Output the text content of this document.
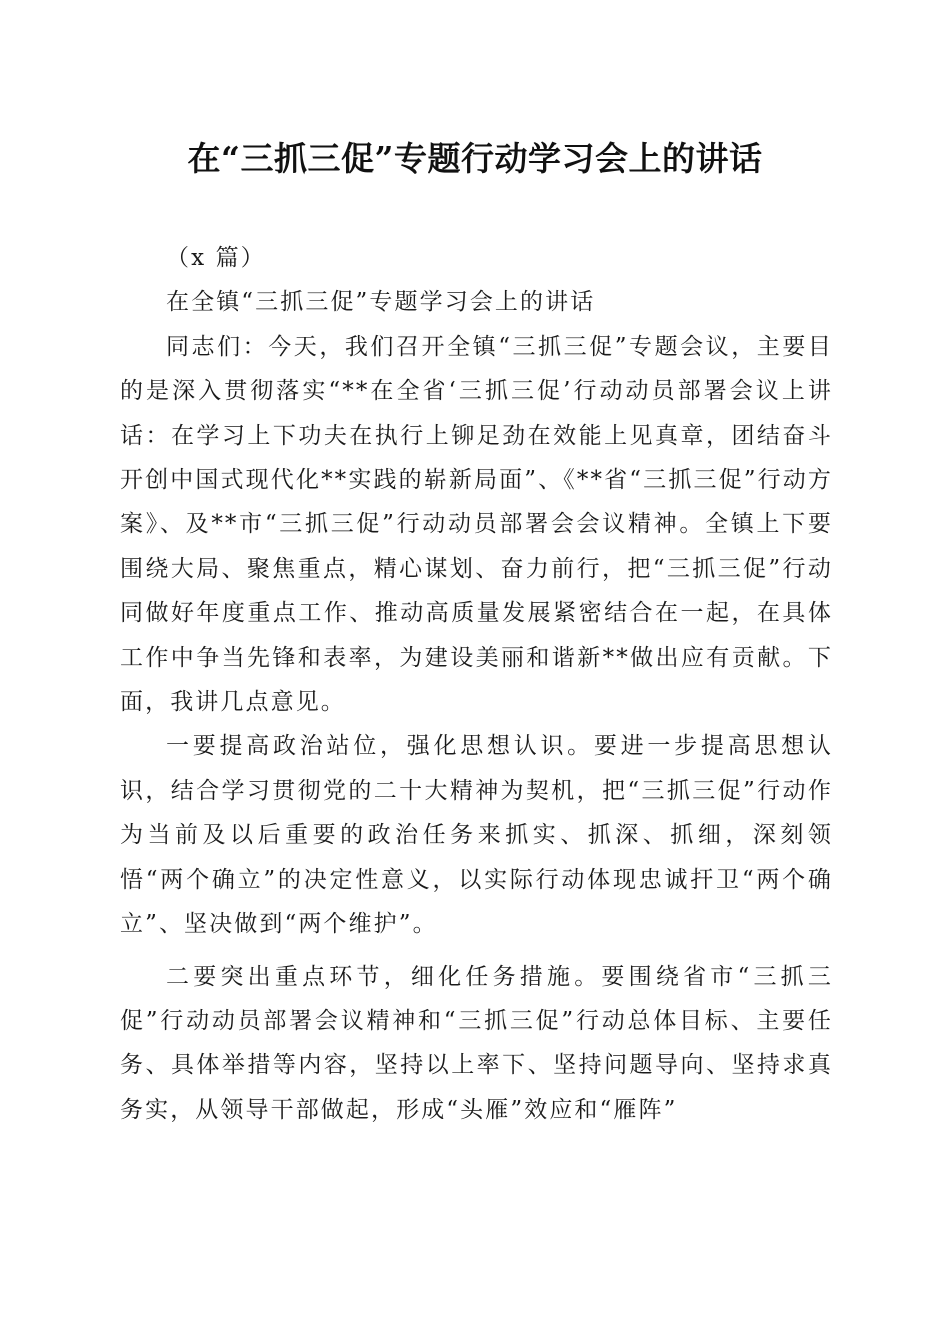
在“三抓三促”专题行动学习会上的讲话

（x 篇）

在全镇“三抓三促”专题学习会上的讲话

同志们：今天，我们召开全镇“三抓三促”专题会议，主要目的是深入贯彻落实“**在全省‘三抓三促’行动动员部署会议上讲话：在学习上下功夫在执行上铆足劲在效能上见真章，团结奋斗开创中国式现代化**实践的崭新局面”、《**省“三抓三促”行动方案》、及**市“三抓三促”行动动员部署会会议精神。全镇上下要围绕大局、聚焦重点，精心谋划、奋力前行，把“三抓三促”行动同做好年度重点工作、推动高质量发展紧密结合在一起，在具体工作中争当先锋和表率，为建设美丽和谐新**做出应有贡献。下面，我讲几点意见。

一要提高政治站位，强化思想认识。要进一步提高思想认识，结合学习贯彻党的二十大精神为契机，把“三抓三促”行动作为当前及以后重要的政治任务来抓实、抓深、抓细，深刻领悟“两个确立”的决定性意义，以实际行动体现忠诚扞卫“两个确立”、坚决做到“两个维护”。

二要突出重点环节，细化任务措施。要围绕省市“三抓三促”行动动员部署会议精神和“三抓三促”行动总体目标、主要任务、具体举措等内容，坚持以上率下、坚持问题导向、坚持求真务实，从领导干部做起，形成“头雁”效应和“雁阵”
